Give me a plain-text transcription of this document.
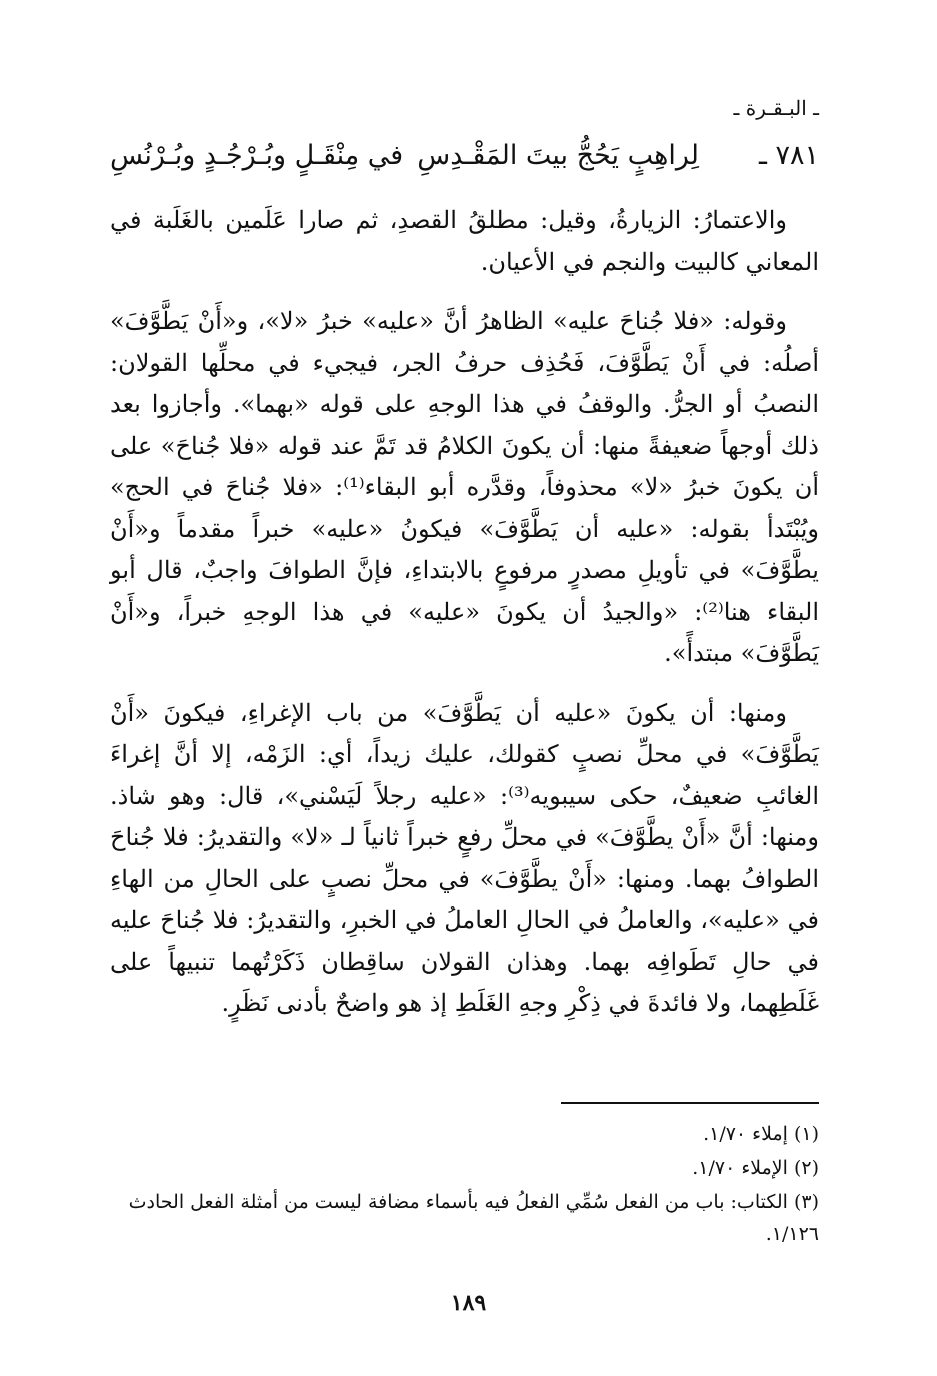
ـ البـقـرة ـ
٧٨١ ـ
لِراهِبٍ يَحُجُّ بيتَ المَقْـدِسِ
في مِنْقَـلٍ وبُـرْجُـدٍ وبُـرْنُسِ

والاعتمارُ: الزيارةُ، وقيل: مطلقُ القصدِ، ثم صارا عَلَمين بالغَلَبة في المعاني كالبيت والنجم في الأعيان.

وقوله: «فلا جُناحَ عليه» الظاهرُ أنَّ «عليه» خبرُ «لا»، و«أَنْ يَطَّوَّفَ» أصلُه: في أَنْ يَطَّوَّفَ، فَحُذِف حرفُ الجر، فيجيء في محلِّها القولان: النصبُ أو الجرُّ. والوقفُ في هذا الوجهِ على قوله «بهما». وأجازوا بعد ذلك أوجهاً ضعيفةً منها: أن يكونَ الكلامُ قد تَمَّ عند قوله «فلا جُناحَ» على أن يكونَ خبرُ «لا» محذوفاً، وقدَّره أبو البقاء⁽¹⁾: «فلا جُناحَ في الحج» ويُبْتَدأ بقوله: «عليه أن يَطَّوَّفَ» فيكونُ «عليه» خبراً مقدماً و«أَنْ يطَّوَّفَ» في تأويلِ مصدرٍ مرفوعٍ بالابتداءِ، فإنَّ الطوافَ واجبٌ، قال أبو البقاء هنا⁽²⁾: «والجيدُ أن يكونَ «عليه» في هذا الوجهِ خبراً، و«أَنْ يَطَّوَّفَ» مبتدأً».

ومنها: أن يكونَ «عليه أن يَطَّوَّفَ» من باب الإغراءِ، فيكونَ «أَنْ يَطَّوَّفَ» في محلِّ نصبٍ كقولك، عليك زيداً، أي: الزَمْه، إلا أنَّ إغراءَ الغائبِ ضعيفٌ، حكى سيبويه⁽³⁾: «عليه رجلاً لَيَسْني»، قال: وهو شاذ. ومنها: أنَّ «أَنْ يطَّوَّفَ» في محلِّ رفعٍ خبراً ثانياً لـ «لا» والتقديرُ: فلا جُناحَ الطوافُ بهما. ومنها: «أَنْ يطَّوَّفَ» في محلِّ نصبٍ على الحالِ من الهاءِ في «عليه»، والعاملُ في الحالِ العاملُ في الخبرِ، والتقديرُ: فلا جُناحَ عليه في حالِ تَطَوافِه بهما. وهذان القولان ساقِطان ذَكَرْتُهما تنبيهاً على غَلَطِهما، ولا فائدةَ في ذِكْرِ وجهِ الغَلَطِ إذ هو واضحٌ بأدنى نَظَرٍ.

(١) إملاء ١/٧٠.
(٢) الإملاء ١/٧٠.
(٣) الكتاب: باب من الفعل سُمِّي الفعلُ فيه بأسماء مضافة ليست من أمثلة الفعل الحادث ١/١٢٦.
١٨٩
